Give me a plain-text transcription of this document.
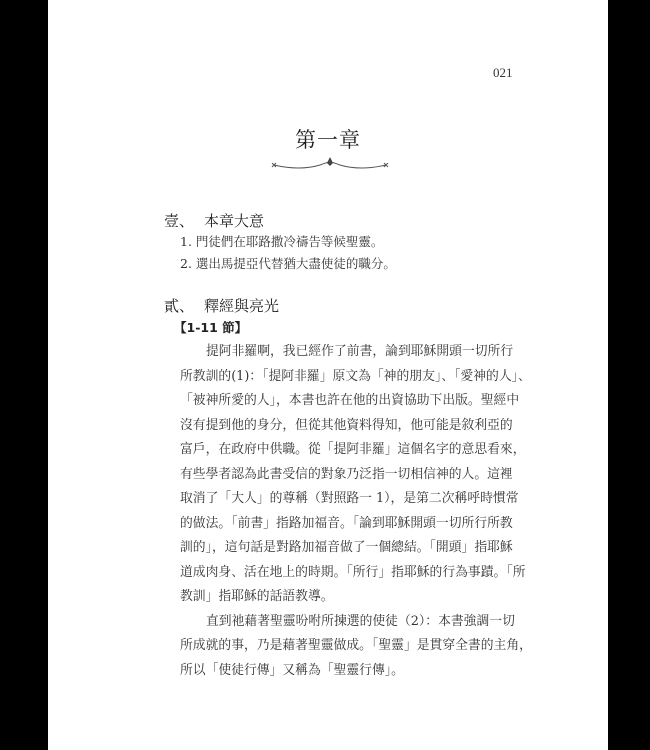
021
第一章
壹、 本章大意
1. 門徒們在耶路撒冷禱告等候聖靈。
2. 選出馬提亞代替猶大盡使徒的職分。
貳、 釋經與亮光
【1-11 節】
提阿非羅啊，我已經作了前書，論到耶穌開頭一切所行
所教訓的(1)：「提阿非羅」原文為「神的朋友」、「愛神的人」、
「被神所愛的人」，本書也許在他的出資協助下出版。聖經中
沒有提到他的身分，但從其他資料得知，他可能是敘利亞的
富戶，在政府中供職。從「提阿非羅」這個名字的意思看來，
有些學者認為此書受信的對象乃泛指一切相信神的人。這裡
取消了「大人」的尊稱（對照路一 1），是第二次稱呼時慣常
的做法。「前書」指路加福音。「論到耶穌開頭一切所行所教
訓的」，這句話是對路加福音做了一個總結。「開頭」指耶穌
道成肉身、活在地上的時期。「所行」指耶穌的行為事蹟。「所
教訓」指耶穌的話語教導。
直到祂藉著聖靈吩咐所揀選的使徒（2）：本書強調一切
所成就的事，乃是藉著聖靈做成。「聖靈」是貫穿全書的主角，
所以「使徒行傳」又稱為「聖靈行傳」。
